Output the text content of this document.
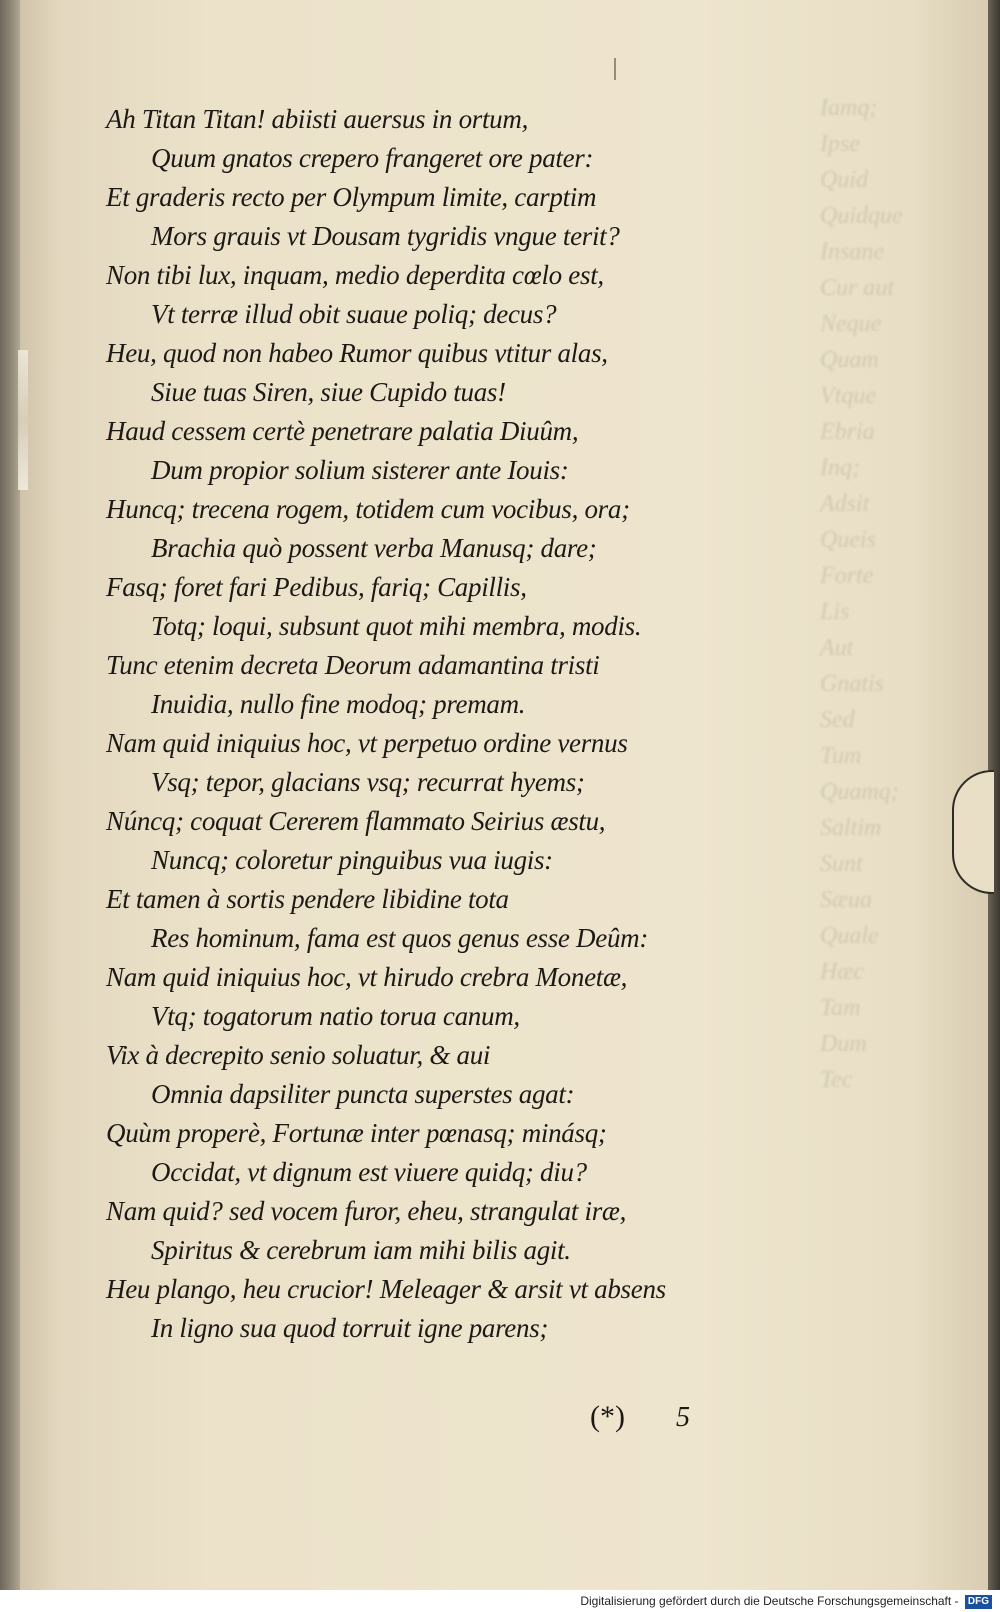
Iamq;
Ipse
Quid
Quidque
Insane
Cur aut
Neque
Quam
Vtque
Ebria
Inq;
Adsit
Queis
Forte
Lis
Aut
Gnatis
Sed
Tum
Quamq;
Saltim
Sunt
Sæua
Quale
Hæc
Tam
Dum
Tec
Ah Titan Titan! abiisti auersus in ortum,
Quum gnatos crepero frangeret ore pater:
Et graderis recto per Olympum limite, carptim
Mors grauis vt Dousam tygridis vngue terit?
Non tibi lux, inquam, medio deperdita cœlo est,
Vt terræ illud obit suaue poliq; decus?
Heu, quod non habeo Rumor quibus vtitur alas,
Siue tuas Siren, siue Cupido tuas!
Haud cessem certè penetrare palatia Diuûm,
Dum propior solium sisterer ante Iouis:
Huncq; trecena rogem, totidem cum vocibus, ora;
Brachia quò possent verba Manusq; dare;
Fasq; foret fari Pedibus, fariq; Capillis,
Totq; loqui, subsunt quot mihi membra, modis.
Tunc etenim decreta Deorum adamantina tristi
Inuidia, nullo fine modoq; premam.
Nam quid iniquius hoc, vt perpetuo ordine vernus
Vsq; tepor, glacians vsq; recurrat hyems;
Núncq; coquat Cererem flammato Seirius æstu,
Nuncq; coloretur pinguibus vua iugis:
Et tamen à sortis pendere libidine tota
Res hominum, fama est quos genus esse Deûm:
Nam quid iniquius hoc, vt hirudo crebra Monetæ,
Vtq; togatorum natio torua canum,
Vix à decrepito senio soluatur, & aui
Omnia dapsiliter puncta superstes agat:
Quùm properè, Fortunæ inter pœnasq; minásq;
Occidat, vt dignum est viuere quidq; diu?
Nam quid? sed vocem furor, eheu, strangulat iræ,
Spiritus & cerebrum iam mihi bilis agit.
Heu plango, heu crucior! Meleager & arsit vt absens
In ligno sua quod torruit igne parens;
(*) 5
Digitalisierung gefördert durch die Deutsche Forschungsgemeinschaft - DFG
